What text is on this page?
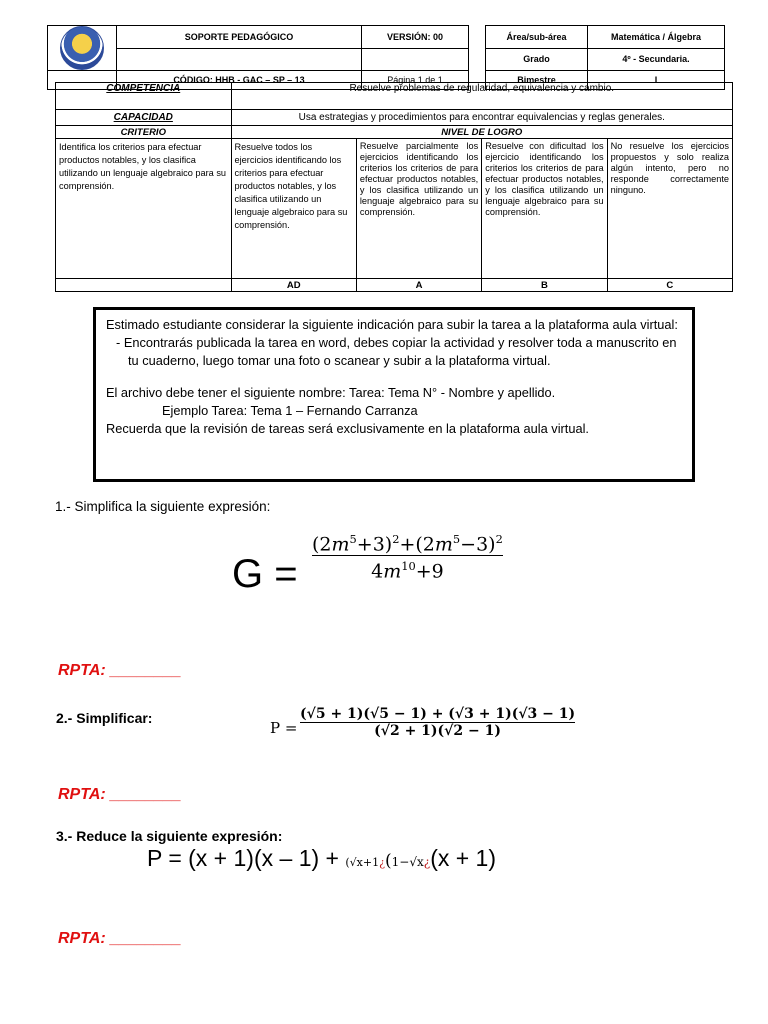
	SOPORTE PEDAGÓGICO	VERSIÓN: 00		Área/sub-área	Matemática / Álgebra
				Grado	4º - Secundaria.
	CÓDIGO: HHB - GAC – SP – 13	Página 1 de 1		Bimestre	I
COMPETENCIA	Resuelve problemas de regularidad, equivalencia y cambio.			
CAPACIDAD	Usa estrategias y procedimientos para encontrar equivalencias y reglas generales.			
CRITERIO	NIVEL DE LOGRO			
Identifica los criterios para efectuar productos notables, y los clasifica utilizando un lenguaje algebraico para su comprensión.	Resuelve todos los ejercicios identificando los criterios para efectuar productos notables, y los clasifica utilizando un lenguaje algebraico para su comprensión.	Resuelve parcialmente los ejercicios identificando los criterios los criterios de para efectuar productos notables, y los clasifica utilizando un lenguaje algebraico para su comprensión.	Resuelve con dificultad los ejercicio identificando los criterios los criterios de para efectuar productos notables, y los clasifica utilizando un lenguaje algebraico para su comprensión.	No resuelve los ejercicios propuestos y solo realiza algún intento, pero no responde correctamente ninguno.
	AD	A	B	C

Estimado estudiante considerar la siguiente indicación para subir la tarea a la plataforma aula virtual:

- Encontrarás publicada la tarea en word, debes copiar la actividad y resolver toda a manuscrito en tu cuaderno, luego tomar una foto o scanear y subir a la plataforma virtual.

El archivo debe tener el siguiente nombre: Tarea: Tema N° - Nombre y apellido.

Ejemplo Tarea: Tema 1 – Fernando Carranza

Recuerda que la revisión de tareas será exclusivamente en la plataforma aula virtual.

1.- Simplifica la siguiente expresión:
G =
$(2m^5+3)^2+(2m^5-3)^2$
$4m^{10}+9$
RPTA: ________
2.- Simplificar:
P =
(√5 + 1)(√5 − 1) + (√3 + 1)(√3 − 1)
(√2 + 1)(√2 − 1)
RPTA: ________
3.- Reduce la siguiente expresión:
P = (x + 1)(x – 1) + (√x+1¿(1−√x¿(x + 1)
RPTA: ________
